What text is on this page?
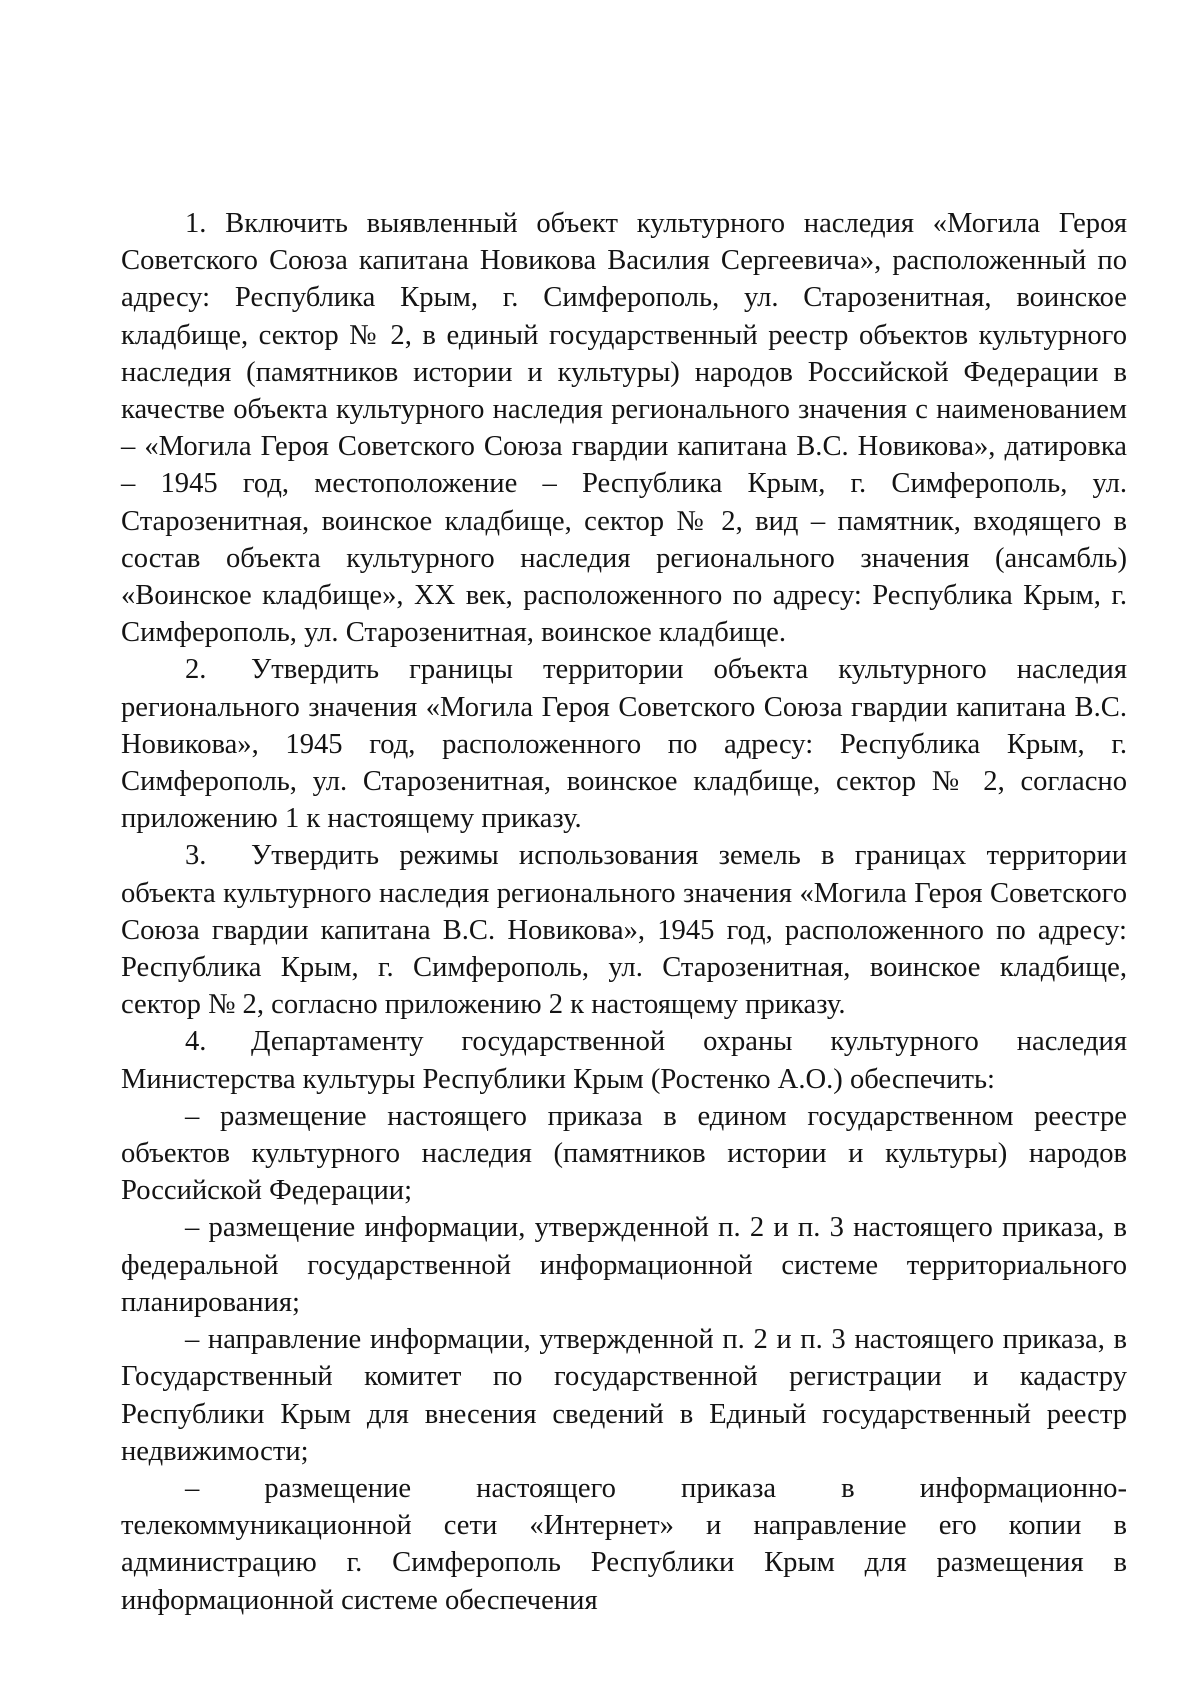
1. Включить выявленный объект культурного наследия «Могила Героя Советского Союза капитана Новикова Василия Сергеевича», расположенный по адресу: Республика Крым, г. Симферополь, ул. Старозенитная, воинское кладбище, сектор № 2, в единый государственный реестр объектов культурного наследия (памятников истории и культуры) народов Российской Федерации в качестве объекта культурного наследия регионального значения с наименованием – «Могила Героя Советского Союза гвардии капитана В.С. Новикова», датировка – 1945 год, местоположение – Республика Крым, г. Симферополь, ул. Старозенитная, воинское кладбище, сектор № 2, вид – памятник, входящего в состав объекта культурного наследия регионального значения (ансамбль) «Воинское кладбище», XX век, расположенного по адресу: Республика Крым, г. Симферополь, ул. Старозенитная, воинское кладбище.

2. Утвердить границы территории объекта культурного наследия регионального значения «Могила Героя Советского Союза гвардии капитана В.С. Новикова», 1945 год, расположенного по адресу: Республика Крым, г. Симферополь, ул. Старозенитная, воинское кладбище, сектор № 2, согласно приложению 1 к настоящему приказу.

3. Утвердить режимы использования земель в границах территории объекта культурного наследия регионального значения «Могила Героя Советского Союза гвардии капитана В.С. Новикова», 1945 год, расположенного по адресу: Республика Крым, г. Симферополь, ул. Старозенитная, воинское кладбище, сектор № 2, согласно приложению 2 к настоящему приказу.

4. Департаменту государственной охраны культурного наследия Министерства культуры Республики Крым (Ростенко А.О.) обеспечить:

– размещение настоящего приказа в едином государственном реестре объектов культурного наследия (памятников истории и культуры) народов Российской Федерации;

– размещение информации, утвержденной п. 2 и п. 3 настоящего приказа, в федеральной государственной информационной системе территориального планирования;

– направление информации, утвержденной п. 2 и п. 3 настоящего приказа, в Государственный комитет по государственной регистрации и кадастру Республики Крым для внесения сведений в Единый государственный реестр недвижимости;

– размещение настоящего приказа в информационно-телекоммуникационной сети «Интернет» и направление его копии в администрацию г. Симферополь Республики Крым для размещения в информационной системе обеспечения
